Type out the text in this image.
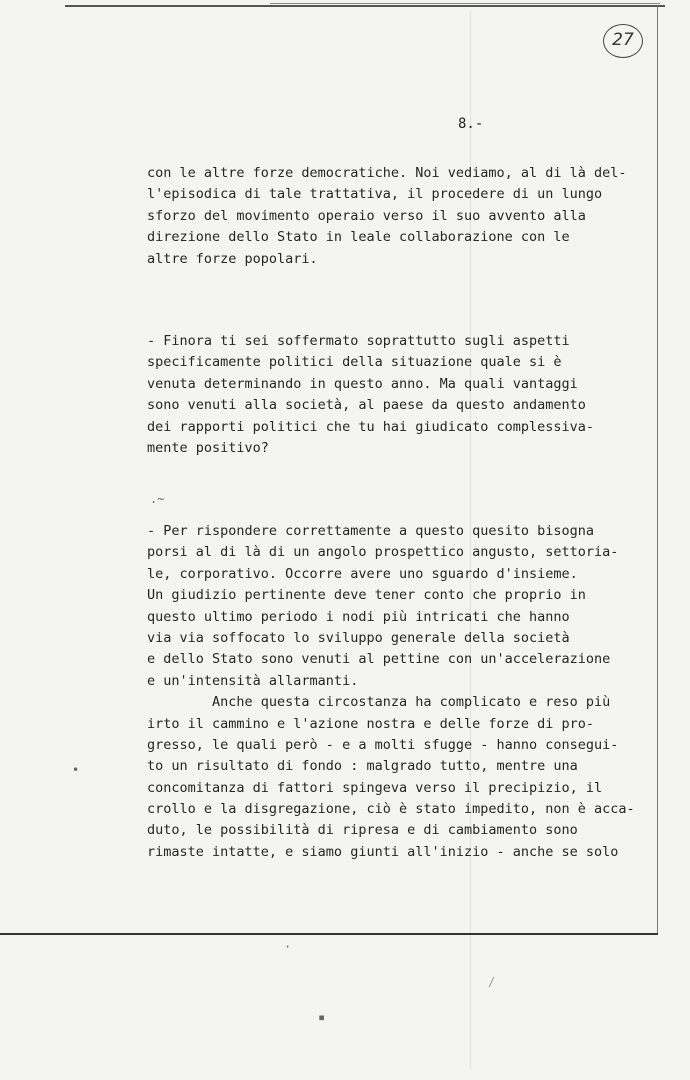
27
8.-
con le altre forze democratiche. Noi vediamo, al di là del-
l'episodica di tale trattativa, il procedere di un lungo
sforzo del movimento operaio verso il suo avvento alla
direzione dello Stato in leale collaborazione con le
altre forze popolari.
- Finora ti sei soffermato soprattutto sugli aspetti
specificamente politici della situazione quale si è
venuta determinando in questo anno. Ma quali vantaggi
sono venuti alla società, al paese da questo andamento
dei rapporti politici che tu hai giudicato complessiva-
mente positivo?
.~
- Per rispondere correttamente a questo quesito bisogna
porsi al di là di un angolo prospettico angusto, settoria-
le, corporativo. Occorre avere uno sguardo d'insieme.
Un giudizio pertinente deve tener conto che proprio in
questo ultimo periodo i nodi più intricati che hanno
via via soffocato lo sviluppo generale della società
e dello Stato sono venuti al pettine con un'accelerazione
e un'intensità allarmanti.
Anche questa circostanza ha complicato e reso più
irto il cammino e l'azione nostra e delle forze di pro-
gresso, le quali però - e a molti sfugge - hanno consegui-
to un risultato di fondo : malgrado tutto, mentre una
concomitanza di fattori spingeva verso il precipizio, il
crollo e la disgregazione, ciò è stato impedito, non è acca-
duto, le possibilità di ripresa e di cambiamento sono
rimaste intatte, e siamo giunti all'inizio - anche se solo
•
·
▪
/
